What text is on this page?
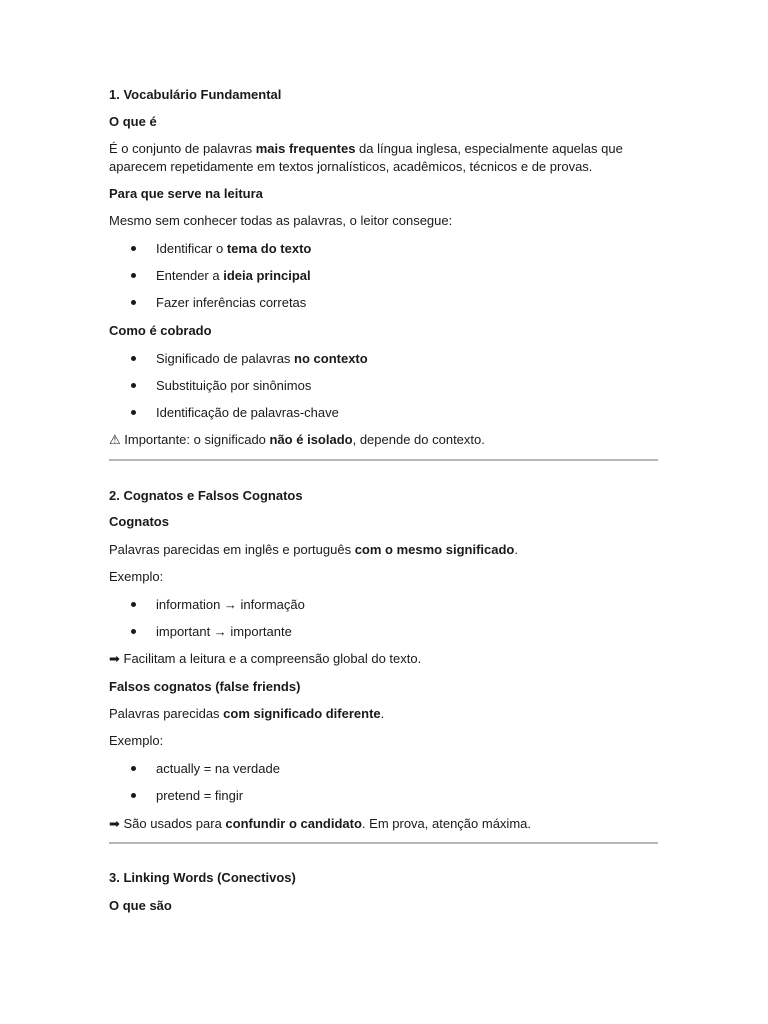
1. Vocabulário Fundamental
O que é
É o conjunto de palavras mais frequentes da língua inglesa, especialmente aquelas que
aparecem repetidamente em textos jornalísticos, acadêmicos, técnicos e de provas.
Para que serve na leitura
Mesmo sem conhecer todas as palavras, o leitor consegue:
Identificar o tema do texto
Entender a ideia principal
Fazer inferências corretas
Como é cobrado
Significado de palavras no contexto
Substituição por sinônimos
Identificação de palavras-chave
⚠ Importante: o significado não é isolado, depende do contexto.
2. Cognatos e Falsos Cognatos
Cognatos
Palavras parecidas em inglês e português com o mesmo significado.
Exemplo:
information → informação
important → importante
➡ Facilitam a leitura e a compreensão global do texto.
Falsos cognatos (false friends)
Palavras parecidas com significado diferente.
Exemplo:
actually = na verdade
pretend = fingir
➡ São usados para confundir o candidato. Em prova, atenção máxima.
3. Linking Words (Conectivos)
O que são
